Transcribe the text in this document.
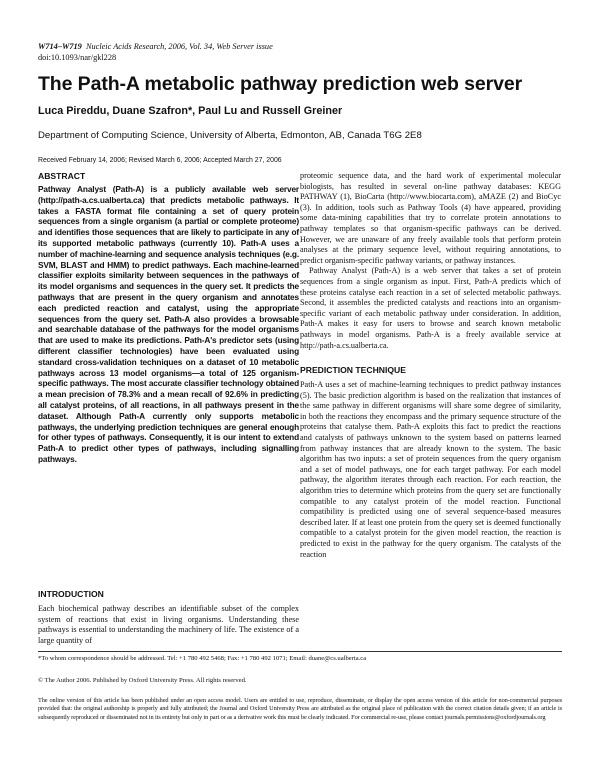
W714–W719 Nucleic Acids Research, 2006, Vol. 34, Web Server issue
doi:10.1093/nar/gkl228
The Path-A metabolic pathway prediction web server
Luca Pireddu, Duane Szafron*, Paul Lu and Russell Greiner
Department of Computing Science, University of Alberta, Edmonton, AB, Canada T6G 2E8
Received February 14, 2006; Revised March 6, 2006; Accepted March 27, 2006
ABSTRACT

Pathway Analyst (Path-A) is a publicly available web server (http://path-a.cs.ualberta.ca) that predicts metabolic pathways. It takes a FASTA format file containing a set of query protein sequences from a single organism (a partial or complete proteome) and identifies those sequences that are likely to participate in any of its supported metabolic pathways (currently 10). Path-A uses a number of machine-learning and sequence analysis techniques (e.g. SVM, BLAST and HMM) to predict pathways. Each machine-learned classifier exploits similarity between sequences in the pathways of its model organisms and sequences in the query set. It predicts the pathways that are present in the query organism and annotates each predicted reaction and catalyst, using the appropriate sequences from the query set. Path-A also provides a browsable and searchable database of the pathways for the model organisms that are used to make its predictions. Path-A's predictor sets (using different classifier technologies) have been evaluated using standard cross-validation techniques on a dataset of 10 metabolic pathways across 13 model organisms—a total of 125 organism-specific pathways. The most accurate classifier technology obtained a mean precision of 78.3% and a mean recall of 92.6% in predicting all catalyst proteins, of all reactions, in all pathways present in the dataset. Although Path-A currently only supports metabolic pathways, the underlying prediction techniques are general enough for other types of pathways. Consequently, it is our intent to extend Path-A to predict other types of pathways, including signalling pathways.

INTRODUCTION

Each biochemical pathway describes an identifiable subset of the complex system of reactions that exist in living organisms. Understanding these pathways is essential to understanding the machinery of life. The existence of a large quantity of

proteomic sequence data, and the hard work of experimental molecular biologists, has resulted in several on-line pathway databases: KEGG PATHWAY (1), BioCarta (http://www.biocarta.com), aMAZE (2) and BioCyc (3). In addition, tools such as Pathway Tools (4) have appeared, providing some data-mining capabilities that try to correlate protein annotations to pathway templates so that organism-specific pathways can be derived. However, we are unaware of any freely available tools that perform protein analyses at the primary sequence level, without requiring annotations, to predict organism-specific pathway variants, or pathway instances.

Pathway Analyst (Path-A) is a web server that takes a set of protein sequences from a single organism as input. First, Path-A predicts which of these proteins catalyse each reaction in a set of selected metabolic pathways. Second, it assembles the predicted catalysts and reactions into an organism-specific variant of each metabolic pathway under consideration. In addition, Path-A makes it easy for users to browse and search known metabolic pathways in model organisms. Path-A is a freely available service at http://path-a.cs.ualberta.ca.

PREDICTION TECHNIQUE

Path-A uses a set of machine-learning techniques to predict pathway instances (5). The basic prediction algorithm is based on the realization that instances of the same pathway in different organisms will share some degree of similarity, in both the reactions they encompass and the primary sequence structure of the proteins that catalyse them. Path-A exploits this fact to predict the reactions and catalysts of pathways unknown to the system based on patterns learned from pathway instances that are already known to the system. The basic algorithm has two inputs: a set of protein sequences from the query organism and a set of model pathways, one for each target pathway. For each model pathway, the algorithm iterates through each reaction. For each reaction, the algorithm tries to determine which proteins from the query set are functionally compatible to any catalyst protein of the model reaction. Functional compatibility is predicted using one of several sequence-based measures described later. If at least one protein from the query set is deemed functionally compatible to a catalyst protein for the given model reaction, the reaction is predicted to exist in the pathway for the query organism. The catalysts of the reaction

*To whom correspondence should be addressed. Tel: +1 780 492 5468; Fax: +1 780 492 1071; Email: duane@cs.ualberta.ca
© The Author 2006. Published by Oxford University Press. All rights reserved.
The online version of this article has been published under an open access model. Users are entitled to use, reproduce, disseminate, or display the open access version of this article for non-commercial purposes provided that: the original authorship is properly and fully attributed; the Journal and Oxford University Press are attributed as the original place of publication with the correct citation details given; if an article is subsequently reproduced or disseminated not in its entirety but only in part or as a derivative work this must be clearly indicated. For commercial re-use, please contact journals.permissions@oxfordjournals.org
